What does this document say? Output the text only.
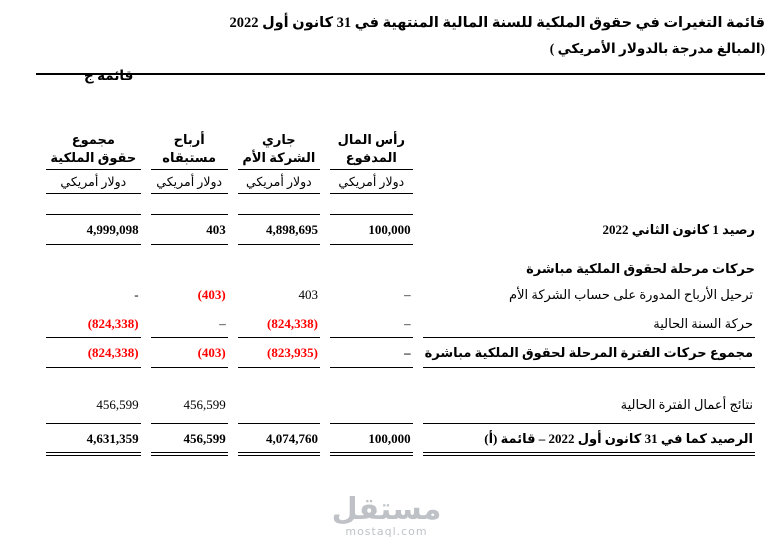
قائمة التغيرات في حقوق الملكية للسنة المالية المنتهية في 31 كانون أول 2022
(المبالغ مدرجة بالدولار الأمريكي )
قائمة ج

رأس المال
المدفوع

جاري
الشركة الأم

أرباح
مستبقاه

مجموع
حقوق الملكية

	دولار أمريكي	دولار أمريكي	دولار أمريكي	دولار أمريكي

رصيد 1 كانون الثاني 2022	100,000	4,898,695	403	4,999,098

حركات مرحلة لحقوق الملكية مباشرة				
ترحيل الأرباح المدورة على حساب الشركة الأم	–	403	(403)	-
حركة السنة الحالية	–	(824,338)	–	(824,338)
مجموع حركات الفترة المرحلة لحقوق الملكية مباشرة	–	(823,935)	(403)	(824,338)

نتائج أعمال الفترة الحالية			456,599	456,599

الرصيد كما في 31 كانون أول 2022 – قائمة (أ)	100,000	4,074,760	456,599	4,631,359
مستقل
mostaql.com
